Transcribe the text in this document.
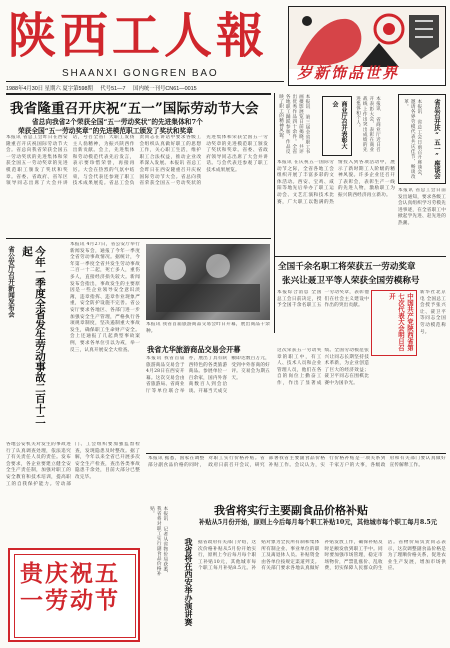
陕西工人報
SHAANXI GONGREN BAO
1988年4月30日 星期六 夏字第598期 代号51—7 国内统一刊号CN61—0015
岁新饰品世界
我省隆重召开庆祝“五一”国际劳动节大会
省总向我省2个荣获全国“五一劳动奖状”的先进集体和7个
荣获全国“五一劳动奖章”的先进模范职工颁发了奖状和奖章
本报讯 省总工会昨日在西安隆重召开庆祝国际劳动节大会。省总向我省荣获全国五一劳动奖状的先进集体和荣获全国五一劳动奖章的先进模范职工颁发了奖状和奖章。省委、省政府、省军区领导同志出席了大会并讲话，号召全省广大职工发扬主人翁精神，为振兴陕西作出新贡献。会上，先进集体和劳动模范代表先后发言，表示要珍惜荣誉，再接再厉。大会在热烈的气氛中结束，与会代表还参观了职工技术成果展览。省总工会负责同志在讲话中要求各级工会组织认真做好职工的思想工作，关心职工生活，维护职工合法权益，推动企业改革深入发展。本报讯 省总工会昨日在西安隆重召开庆祝国际劳动节大会。省总向我省荣获全国五一劳动奖状的先进集体和荣获全国五一劳动奖章的先进模范职工颁发了奖状和奖章。省委、省政府领导同志出席了大会并讲话。与会代表还参观了职工技术成果展览。
本报讯 第三届全省职工书画摄影展览日前揭晓，共评出优秀作品四十余件。全省各地职工踊跃参加，作品反映了职工的精神风貌。	商业厅召开表彰大会	本报讯 省商业厅近日召开表彰大会，表彰在商业战线上作出突出成绩的先进集体和个人。	省总召开庆“五一”座谈会
本报讯 省总工会日前召开座谈会，邀请各界劳模代表共庆佳节，畅谈改革。
本报讯 在庆祝五一国际劳动节之际，全省各地工会组织开展了丰富多彩的文体活动。西安、宝鸡、咸阳等地先后举办了职工运动会、文艺汇演和技术比赛，广大职工以饱满的热情投入到各项活动中，展示了新时期工人阶级的精神风貌。许多企业还召开了表彰会，表彰生产一线的先进人物，激励职工为振兴陕西经济再立新功。
本报讯 省总工会日前发出通知，要求各级工会认真组织学习劳模先进事迹，在全省职工中掀起学先进、赶先进的热潮。
省公安厅召开新闻发布会	今年一季度全省发生劳动事故二百十二起
本报讯 4月27日，省公安厅举行新闻发布会，通报了今年一季度全省劳动事故情况。据统计，今年第一季度全省共发生劳动事故二百一十二起，死亡多人，重伤多人，直接经济损失较大。新闻发布会指出，事故发生的主要原因是一些企业领导安全意识淡薄，违章指挥、违章作业现象严重，安全防护设施不完善。省公安厅要求各地区、各部门进一步加强安全生产管理，严格执行各项规章制度，坚决遏制重大事故发生，确保职工生命财产安全。会上还通报了几起典型事故案例，要求各单位引以为戒，举一反三，认真开展安全大检查。
各地公安机关对发生的事故进行了认真调查处理，依法追究了有关责任人员的责任。发布会要求，各企业要建立健全安全生产责任制，加强对职工的安全教育和技术培训，提高职工的自我保护能力。劳动部门、工会组织要加强监督检查，发现隐患及时整改。据了解，今年以来全省已开展多次安全生产检查，查出各类事故隐患千余处，目前大部分已整改完毕。
本报讯 我省首届旅游商品交易会昨日开幕，展出商品千余种。
我省尤华旅游商品交易会开幕
本报讯 我省首届旅游商品交易会于4月28日在西安开幕。这次交易会由省旅游局、省商业厅等单位联合举办，展出了具有陕西特色的各类旅游商品。参展单位一百余家，国内外客商数百人到会洽谈。开幕当天成交额即达数百万元，受到中外客商的好评。交易会为期五天。
全国千余名职工将荣获五一劳动奖章
张兴让聂卫平等人荣获全国劳模称号
本报综合消息 全国总工会日前决定，授予全国千余名职工五一劳动奖章，表彰他们在社会主义建设中作出的突出贡献。	中国共产党陕西省第七次代表大会明日召开
新华社北京电 全国总工会授予张兴让、聂卫平等同志全国劳动模范称号。
这次荣获五一劳动奖章的职工中，有工人、技术人员和企业管理人员，他们在各自的岗位上勤奋工作，作出了显著成绩。全国劳动模范张兴让同志长期坚持技术革新，为企业创造了巨大的经济效益；聂卫平同志在围棋比赛中为国争光。
本报讯 据悉，国家在调整部分副食品价格的同时，对职工实行价格补贴。省政府日前召开会议，研究部署我省主要副食品价格补贴工作。会议认为，实行价格补贴是一项关系到千家万户的大事，各级政府和有关部门要认真做好宣传解释工作。
我省将实行主要副食品价格补贴
补贴从5月份开始，原则上今后每月每个职工补贴10元，其他城市每个职工每月8.5元
本报讯 记者从省物价局获悉，我省将对职工实行副食品价格补贴。
我省将在西安举办演讲赛 据省政府有关部门介绍，这次价格补贴从5月份开始实行，原则上今后每月每个职工补贴10元，其他城市每个职工每月补贴8.5元。补贴对象为全民所有制和集体所有制企业、事业单位的职工及离退休人员。补贴资金由各单位按规定渠道列支。有关部门要求各地认真做好补贴发放工作，确保补贴及时足额发放到职工手中。同时要加强市场管理，稳定市场物价，严禁乱涨价、乱收费，切实保障人民群众的生活。省物价局负责同志表示，这次调整副食品价格是为了理顺价格关系，促进农业生产发展，增加市场供应。
贵庆祝五一劳动节
